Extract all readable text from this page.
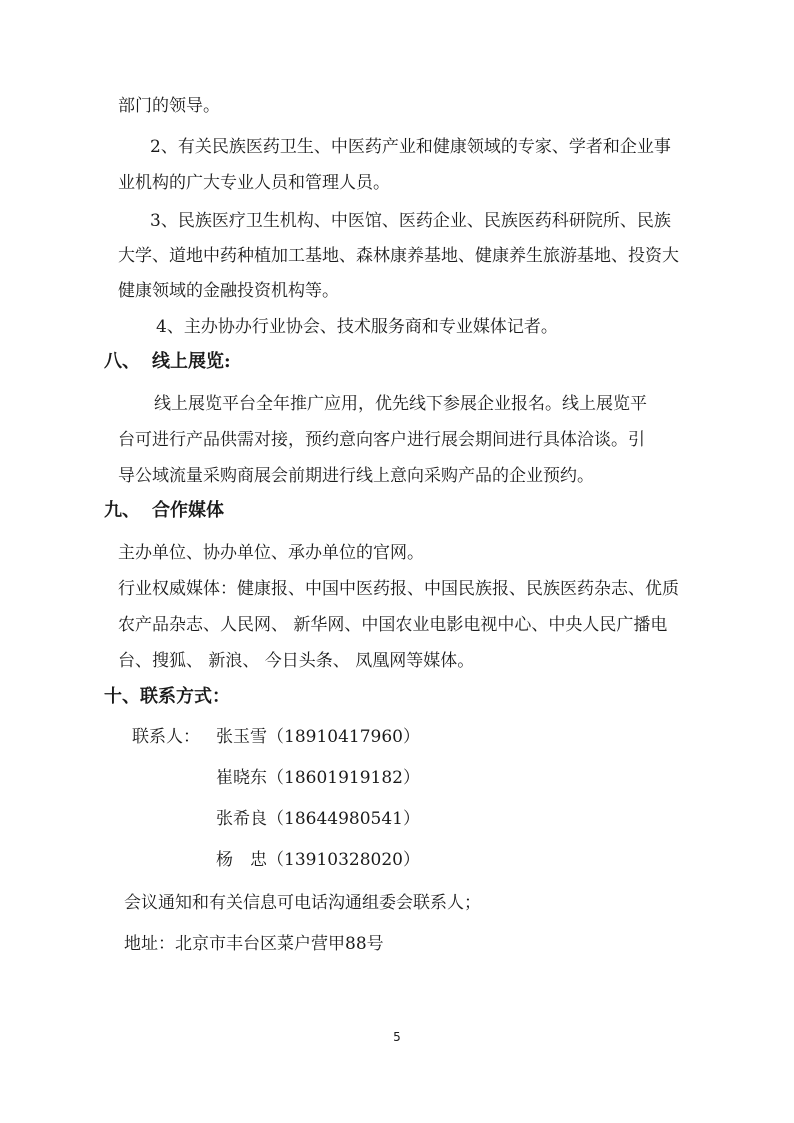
部门的领导。
2、有关民族医药卫生、中医药产业和健康领域的专家、学者和企业事
业机构的广大专业人员和管理人员。
3、民族医疗卫生机构、中医馆、医药企业、民族医药科研院所、民族
大学、道地中药种植加工基地、森林康养基地、健康养生旅游基地、投资大
健康领域的金融投资机构等。
4、主办协办行业协会、技术服务商和专业媒体记者。
八、 线上展览:
线上展览平台全年推广应用，优先线下参展企业报名。线上展览平
台可进行产品供需对接，预约意向客户进行展会期间进行具体洽谈。引
导公域流量采购商展会前期进行线上意向采购产品的企业预约。
九、 合作媒体
主办单位、协办单位、承办单位的官网。
行业权威媒体：健康报、中国中医药报、中国民族报、民族医药杂志、优质
农产品杂志、人民网、 新华网、中国农业电影电视中心、中央人民广播电
台、搜狐、 新浪、 今日头条、 凤凰网等媒体。
十、联系方式：
联系人： 张玉雪（18910417960）
崔晓东（18601919182）
张希良（18644980541）
杨　忠（13910328020）
会议通知和有关信息可电话沟通组委会联系人；
地址：北京市丰台区菜户营甲88号
5
